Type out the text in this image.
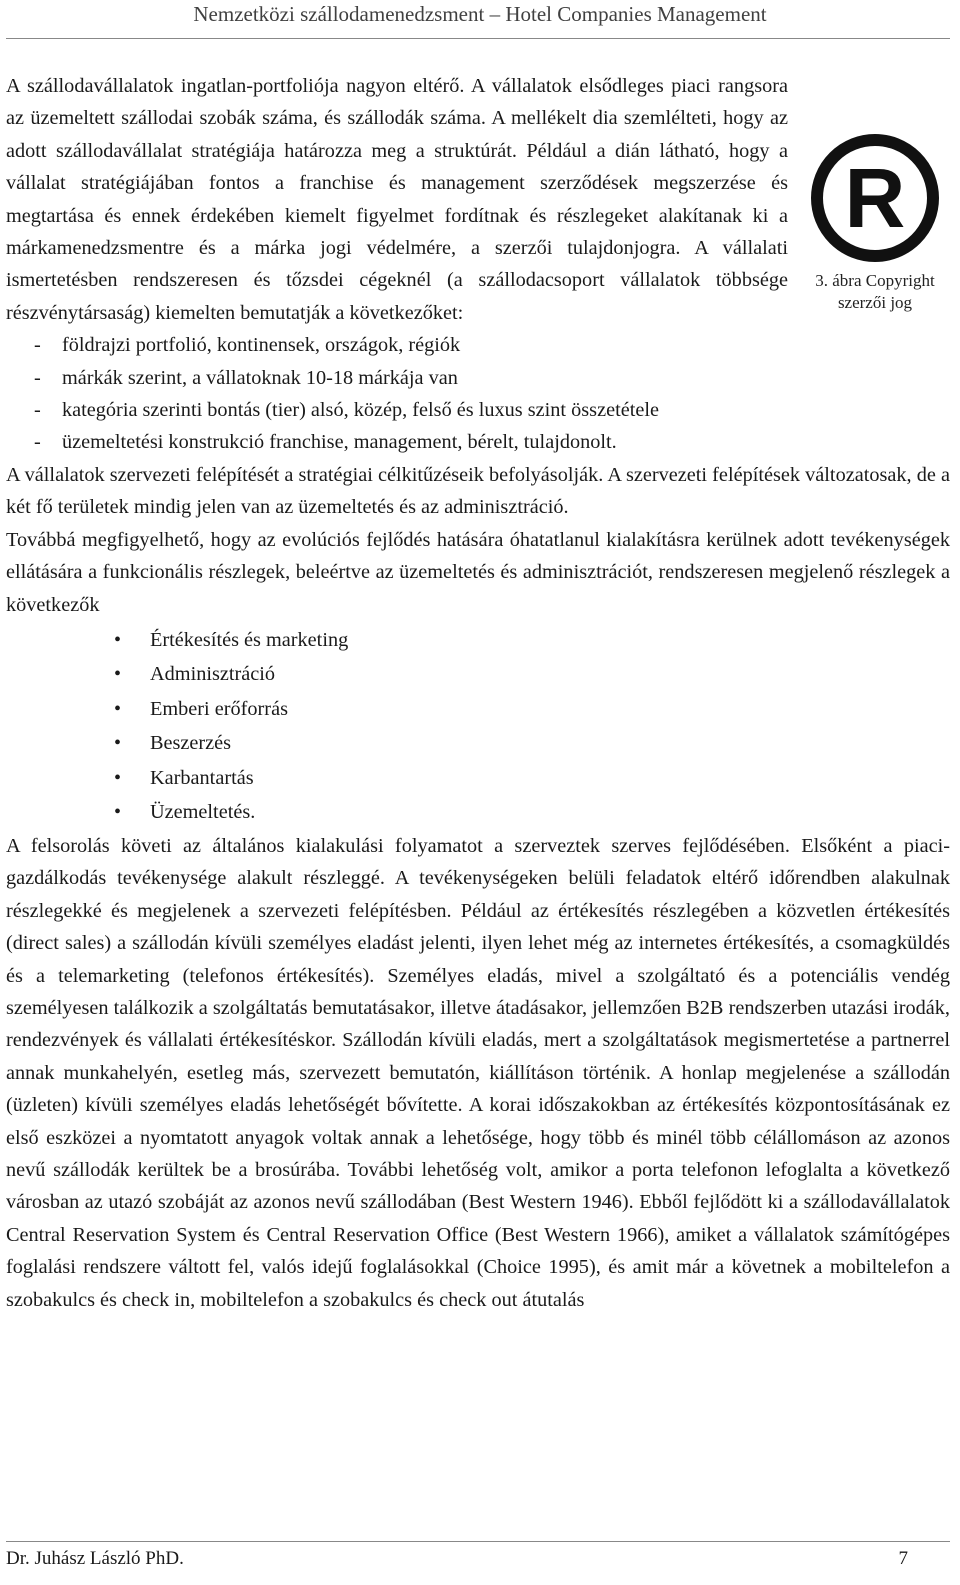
Nemzetközi szállodamenedzsment – Hotel Companies Management
R
3. ábra Copyright szerzői jog

A szállodavállalatok ingatlan-portfoliója nagyon eltérő. A vállalatok elsődleges piaci rangsora az üzemeltett szállodai szobák száma, és szállodák száma. A mellékelt dia szemlélteti, hogy az adott szállodavállalat stratégiája határozza meg a struktúrát. Például a dián látható, hogy a vállalat stratégiájában fontos a franchise és management szerződések megszerzése és megtartása és ennek érdekében kiemelt figyelmet fordítnak és részlegeket alakítanak ki a márkamenedzsmentre és a márka jogi védelmére, a szerzői tulajdonjogra. A vállalati ismertetésben rendszeresen és tőzsdei cégeknél (a szállodacsoport vállalatok többsége részvénytársaság) kiemelten bemutatják a következőket:

- földrajzi portfolió, kontinensek, országok, régiók
- márkák szerint, a vállatoknak 10-18 márkája van
- kategória szerinti bontás (tier) alsó, közép, felső és luxus szint összetétele
- üzemeltetési konstrukció franchise, management, bérelt, tulajdonolt.

A vállalatok szervezeti felépítését a stratégiai célkitűzéseik befolyásolják. A szervezeti felépítések változatosak, de a két fő területek mindig jelen van az üzemeltetés és az adminisztráció.

Továbbá megfigyelhető, hogy az evolúciós fejlődés hatására óhatatlanul kialakításra kerülnek adott tevékenységek ellátására a funkcionális részlegek, beleértve az üzemeltetés és adminisztrációt, rendszeresen megjelenő részlegek a következők

• Értékesítés és marketing
• Adminisztráció
• Emberi erőforrás
• Beszerzés
• Karbantartás
• Üzemeltetés.

A felsorolás követi az általános kialakulási folyamatot a szerveztek szerves fejlődésében. Elsőként a piaci-gazdálkodás tevékenysége alakult részleggé. A tevékenységeken belüli feladatok eltérő időrendben alakulnak részlegekké és megjelenek a szervezeti felépítésben. Például az értékesítés részlegében a közvetlen értékesítés (direct sales) a szállodán kívüli személyes eladást jelenti, ilyen lehet még az internetes értékesítés, a csomagküldés és a telemarketing (telefonos értékesítés). Személyes eladás, mivel a szolgáltató és a potenciális vendég személyesen találkozik a szolgáltatás bemutatásakor, illetve átadásakor, jellemzően B2B rendszerben utazási irodák, rendezvények és vállalati értékesítéskor. Szállodán kívüli eladás, mert a szolgáltatások megismertetése a partnerrel annak munkahelyén, esetleg más, szervezett bemutatón, kiállításon történik. A honlap megjelenése a szállodán (üzleten) kívüli személyes eladás lehetőségét bővítette. A korai időszakokban az értékesítés központosításának ez első eszközei a nyomtatott anyagok voltak annak a lehetősége, hogy több és minél több célállomáson az azonos nevű szállodák kerültek be a brosúrába. További lehetőség volt, amikor a porta telefonon lefoglalta a következő városban az utazó szobáját az azonos nevű szállodában (Best Western 1946). Ebből fejlődött ki a szállodavállalatok Central Reservation System és Central Reservation Office (Best Western 1966), amiket a vállalatok számítógépes foglalási rendszere váltott fel, valós idejű foglalásokkal (Choice 1995), és amit már a követnek a mobiltelefon a szobakulcs és check in, mobiltelefon a szobakulcs és check out átutalás

Dr. Juhász László PhD.	7
